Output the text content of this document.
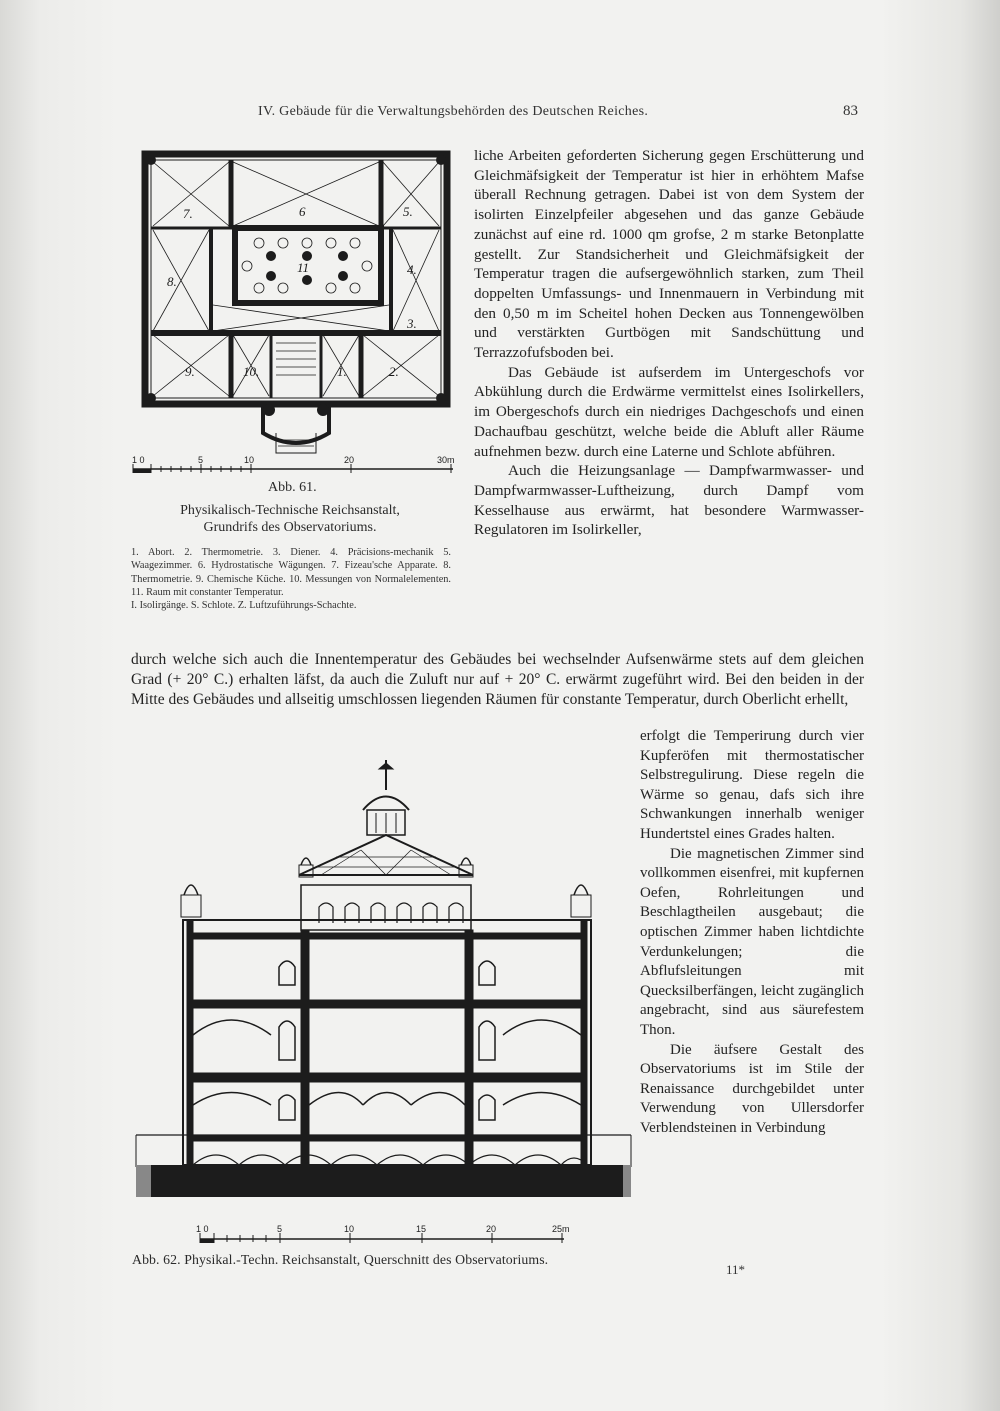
IV. Gebäude für die Verwaltungsbehörden des Deutschen Reiches.	83
7.	6	5.
8.
11	4.
3.
9.	10.	1.	2.
1 0	5	10	20	30m
Abb. 61.
Physikalisch-Technische Reichsanstalt,
Grundrifs des Observatoriums.
1. Abort. 2. Thermometrie. 3. Diener. 4. Präcisions-mechanik 5. Waagezimmer. 6. Hydrostatische Wägungen. 7. Fizeau'sche Apparate. 8. Thermometrie. 9. Chemische Küche. 10. Messungen von Normalelementen. 11. Raum mit constanter Temperatur.
I. Isolirgänge. S. Schlote. Z. Luftzuführungs-Schachte.

liche Arbeiten geforderten Sicherung gegen Erschütterung und Gleichmäfsigkeit der Temperatur ist hier in erhöhtem Mafse überall Rechnung getragen. Dabei ist von dem System der isolirten Einzelpfeiler abgesehen und das ganze Gebäude zunächst auf eine rd. 1000 qm grofse, 2 m starke Betonplatte gestellt. Zur Standsicherheit und Gleichmäfsigkeit der Temperatur tragen die aufsergewöhnlich starken, zum Theil doppelten Umfassungs- und Innenmauern in Verbindung mit den 0,50 m im Scheitel hohen Decken aus Tonnengewölben und verstärkten Gurtbögen mit Sandschüttung und Terrazzofufsboden bei.

Das Gebäude ist aufserdem im Untergeschofs vor Abkühlung durch die Erdwärme vermittelst eines Isolirkellers, im Obergeschofs durch ein niedriges Dachgeschofs und einen Dachaufbau geschützt, welche beide die Abluft aller Räume aufnehmen bezw. durch eine Laterne und Schlote abführen.

Auch die Heizungsanlage — Dampfwarmwasser- und Dampfwarmwasser-Luftheizung, durch Dampf vom Kesselhause aus erwärmt, hat besondere Warmwasser-Regulatoren im Isolirkeller,

durch welche sich auch die Innentemperatur des Gebäudes bei wechselnder Aufsenwärme stets auf dem gleichen Grad (+ 20° C.) erhalten läfst, da auch die Zuluft nur auf + 20° C. erwärmt zugeführt wird. Bei den beiden in der Mitte des Gebäudes und allseitig umschlossen liegenden Räumen für constante Temperatur, durch Oberlicht erhellt,
1 0	5	10	15	20	25m
Abb. 62. Physikal.-Techn. Reichsanstalt, Querschnitt des Observatoriums.

erfolgt die Temperirung durch vier Kupferöfen mit thermostatischer Selbstregulirung. Diese regeln die Wärme so genau, dafs sich ihre Schwankungen innerhalb weniger Hundertstel eines Grades halten.

Die magnetischen Zimmer sind vollkommen eisenfrei, mit kupfernen Oefen, Rohrleitungen und Beschlagtheilen ausgebaut; die optischen Zimmer haben lichtdichte Verdunkelungen; die Abflufsleitungen mit Quecksilberfängen, leicht zugänglich angebracht, sind aus säurefestem Thon.

Die äufsere Gestalt des Observatoriums ist im Stile der Renaissance durchgebildet unter Verwendung von Ullersdorfer Verblendsteinen in Verbindung

11*
